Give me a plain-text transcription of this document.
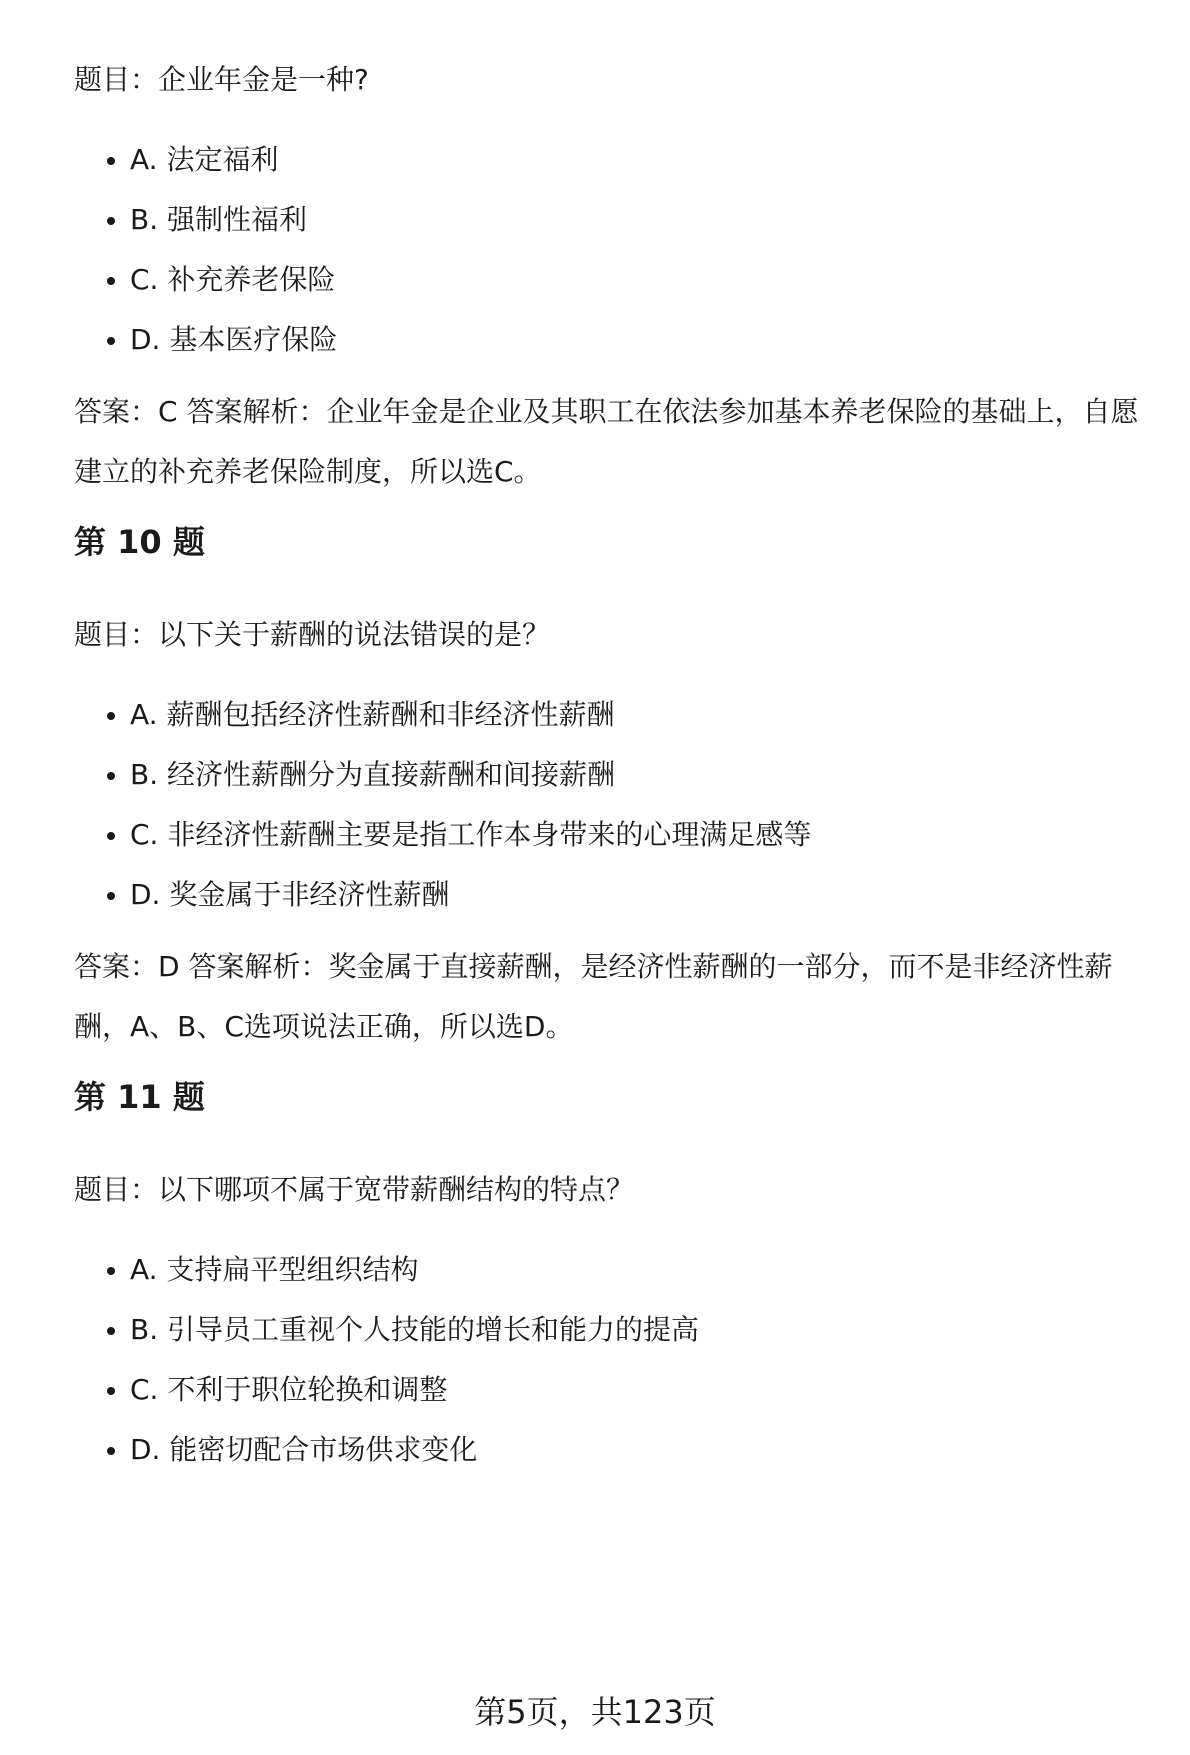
题目：企业年金是一种?

A. 法定福利
B. 强制性福利
C. 补充养老保险
D. 基本医疗保险

答案：C 答案解析：企业年金是企业及其职工在依法参加基本养老保险的基础上，自愿建立的补充养老保险制度，所以选C。

第 10 题

题目：以下关于薪酬的说法错误的是？

A. 薪酬包括经济性薪酬和非经济性薪酬
B. 经济性薪酬分为直接薪酬和间接薪酬
C. 非经济性薪酬主要是指工作本身带来的心理满足感等
D. 奖金属于非经济性薪酬

答案：D 答案解析：奖金属于直接薪酬，是经济性薪酬的一部分，而不是非经济性薪酬，A、B、C选项说法正确，所以选D。

第 11 题

题目：以下哪项不属于宽带薪酬结构的特点？

A. 支持扁平型组织结构
B. 引导员工重视个人技能的增长和能力的提高
C. 不利于职位轮换和调整
D. 能密切配合市场供求变化
第5页，共123页
